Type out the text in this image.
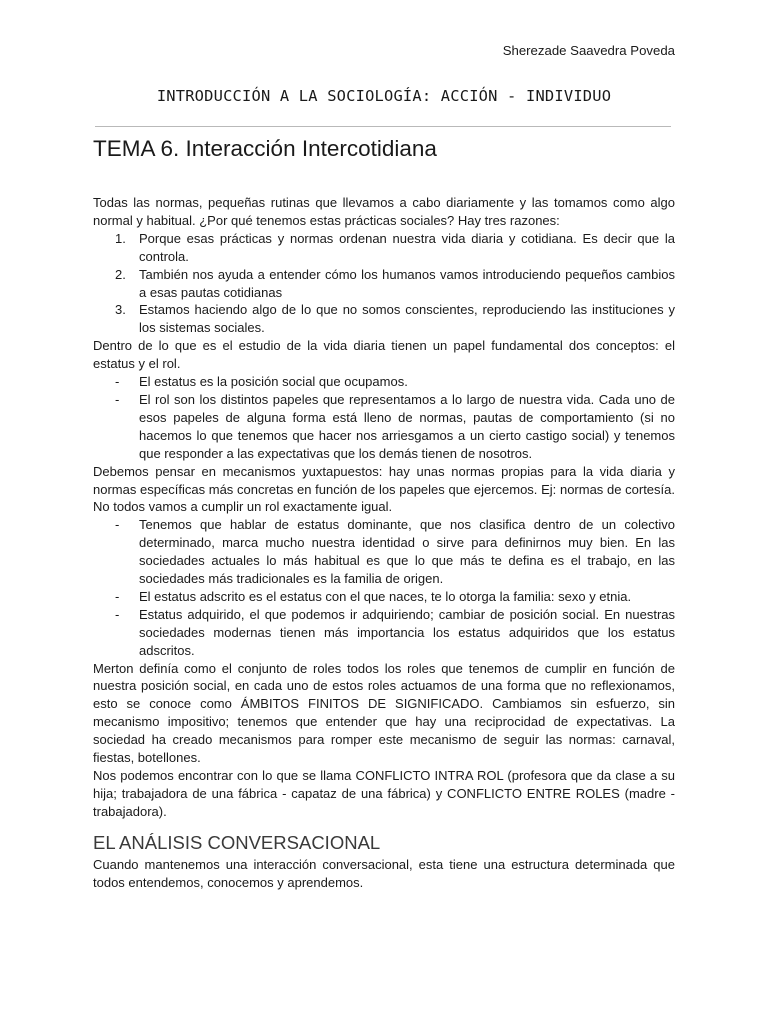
Sherezade Saavedra Poveda
INTRODUCCIÓN A LA SOCIOLOGÍA: ACCIÓN - INDIVIDUO
TEMA 6. Interacción Intercotidiana

Todas las normas, pequeñas rutinas que llevamos a cabo diariamente y las tomamos como algo normal y habitual. ¿Por qué tenemos estas prácticas sociales? Hay tres razones:

1.	Porque esas prácticas y normas ordenan nuestra vida diaria y cotidiana. Es decir que la controla.
2.	También nos ayuda a entender cómo los humanos vamos introduciendo pequeños cambios a esas pautas cotidianas
3.	Estamos haciendo algo de lo que no somos conscientes, reproduciendo las instituciones y los sistemas sociales.

Dentro de lo que es el estudio de la vida diaria tienen un papel fundamental dos conceptos: el estatus y el rol.

-	El estatus es la posición social que ocupamos.
-	El rol son los distintos papeles que representamos a lo largo de nuestra vida. Cada uno de esos papeles de alguna forma está lleno de normas, pautas de comportamiento (si no hacemos lo que tenemos que hacer nos arriesgamos a un cierto castigo social) y tenemos que responder a las expectativas que los demás tienen de nosotros.

Debemos pensar en mecanismos yuxtapuestos: hay unas normas propias para la vida diaria y normas específicas más concretas en función de los papeles que ejercemos. Ej: normas de cortesía. No todos vamos a cumplir un rol exactamente igual.

-	Tenemos que hablar de estatus dominante, que nos clasifica dentro de un colectivo determinado, marca mucho nuestra identidad o sirve para definirnos muy bien. En las sociedades actuales lo más habitual es que lo que más te defina es el trabajo, en las sociedades más tradicionales es la familia de origen.
-	El estatus adscrito es el estatus con el que naces, te lo otorga la familia: sexo y etnia.
-	Estatus adquirido, el que podemos ir adquiriendo; cambiar de posición social. En nuestras sociedades modernas tienen más importancia los estatus adquiridos que los estatus adscritos.

Merton definía como el conjunto de roles todos los roles que tenemos de cumplir en función de nuestra posición social, en cada uno de estos roles actuamos de una forma que no reflexionamos, esto se conoce como ÁMBITOS FINITOS DE SIGNIFICADO. Cambiamos sin esfuerzo, sin mecanismo impositivo; tenemos que entender que hay una reciprocidad de expectativas. La sociedad ha creado mecanismos para romper este mecanismo de seguir las normas: carnaval, fiestas, botellones.

Nos podemos encontrar con lo que se llama CONFLICTO INTRA ROL (profesora que da clase a su hija; trabajadora de una fábrica - capataz de una fábrica) y CONFLICTO ENTRE ROLES (madre - trabajadora).

EL ANÁLISIS CONVERSACIONAL

Cuando mantenemos una interacción conversacional, esta tiene una estructura determinada que todos entendemos, conocemos y aprendemos.
